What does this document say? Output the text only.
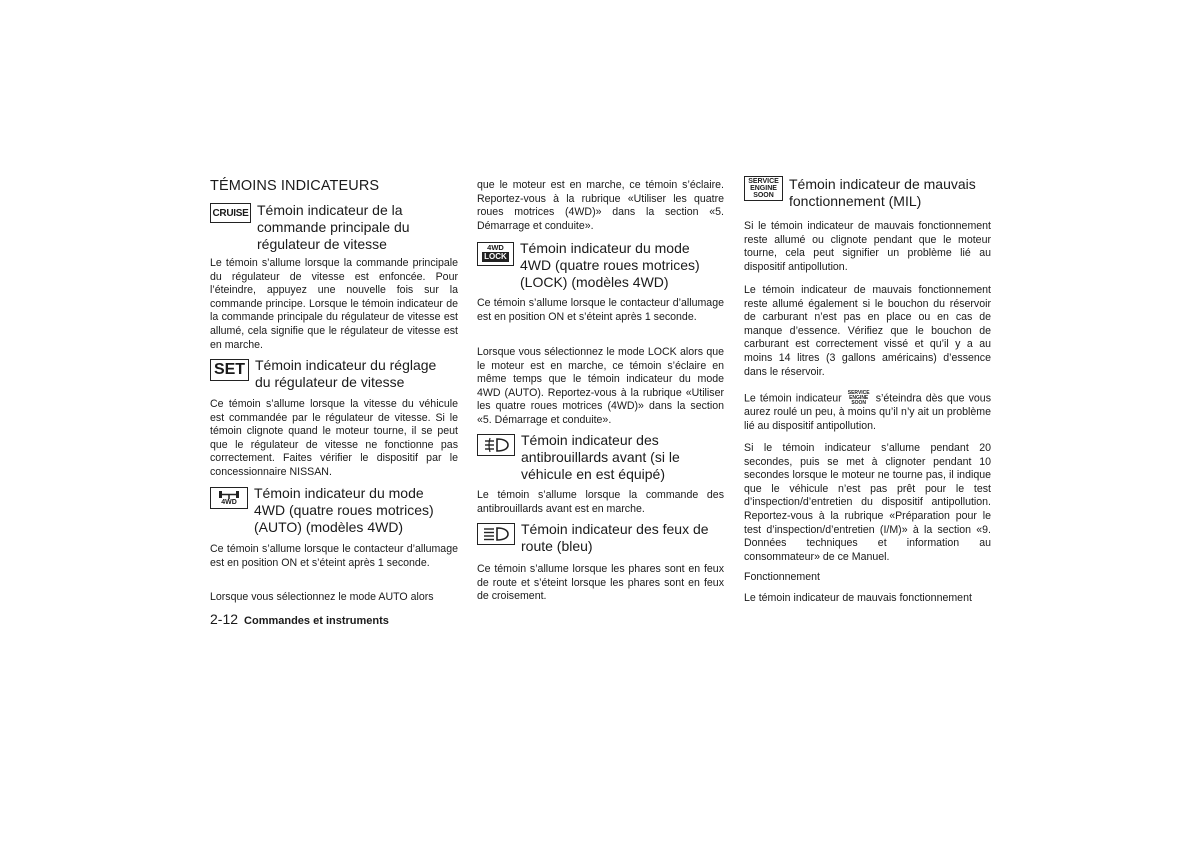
TÉMOINS INDICATEURS
CRUISE Témoin indicateur de la commande principale du régulateur de vitesse
Le témoin s’allume lorsque la commande principale du régulateur de vitesse est enfoncée. Pour l’éteindre, appuyez une nouvelle fois sur la commande principe. Lorsque le témoin indicateur de la commande principale du régulateur de vitesse est allumé, cela signifie que le régulateur de vitesse est en marche.
SET Témoin indicateur du réglage du régulateur de vitesse
Ce témoin s’allume lorsque la vitesse du véhicule est commandée par le régulateur de vitesse. Si le témoin clignote quand le moteur tourne, il se peut que le régulateur de vitesse ne fonctionne pas correctement. Faites vérifier le dispositif par le concessionnaire NISSAN.
4WD
Témoin indicateur du mode 4WD (quatre roues motrices) (AUTO) (modèles 4WD)
Ce témoin s’allume lorsque le contacteur d’allumage est en position ON et s’éteint après 1 seconde.
Lorsque vous sélectionnez le mode AUTO alors
2-12 Commandes et instruments
que le moteur est en marche, ce témoin s’éclaire. Reportez-vous à la rubrique «Utiliser les quatre roues motrices (4WD)» dans la section «5. Démarrage et conduite».
4WD
LOCK
Témoin indicateur du mode 4WD (quatre roues motrices) (LOCK) (modèles 4WD)
Ce témoin s’allume lorsque le contacteur d’allumage est en position ON et s’éteint après 1 seconde.
Lorsque vous sélectionnez le mode LOCK alors que le moteur est en marche, ce témoin s’éclaire en même temps que le témoin indicateur du mode 4WD (AUTO). Reportez-vous à la rubrique «Utiliser les quatre roues motrices (4WD)» dans la section «5. Démarrage et conduite».
Témoin indicateur des antibrouillards avant (si le véhicule en est équipé)
Le témoin s’allume lorsque la commande des antibrouillards avant est en marche.
Témoin indicateur des feux de route (bleu)
Ce témoin s’allume lorsque les phares sont en feux de route et s’éteint lorsque les phares sont en feux de croisement.
SERVICE
ENGINE
SOON
Témoin indicateur de mauvais fonctionnement (MIL)
Si le témoin indicateur de mauvais fonctionnement reste allumé ou clignote pendant que le moteur tourne, cela peut signifier un problème lié au dispositif antipollution.
Le témoin indicateur de mauvais fonctionnement reste allumé également si le bouchon du réservoir de carburant n’est pas en place ou en cas de manque d’essence. Vérifiez que le bouchon de carburant est correctement vissé et qu’il y a au moins 14 litres (3 gallons américains) d’essence dans le réservoir.
Le témoin indicateur SERVICE
ENGINE
SOON s’éteindra dès que vous aurez roulé un peu, à moins qu’il n’y ait un problème lié au dispositif antipollution.
Si le témoin indicateur s’allume pendant 20 secondes, puis se met à clignoter pendant 10 secondes lorsque le moteur ne tourne pas, il indique que le véhicule n’est pas prêt pour le test d’inspection/d’entretien du dispositif antipollution. Reportez-vous à la rubrique «Préparation pour le test d’inspection/d’entretien (I/M)» à la section «9. Données techniques et information au consommateur» de ce Manuel.
Fonctionnement
Le témoin indicateur de mauvais fonctionnement
